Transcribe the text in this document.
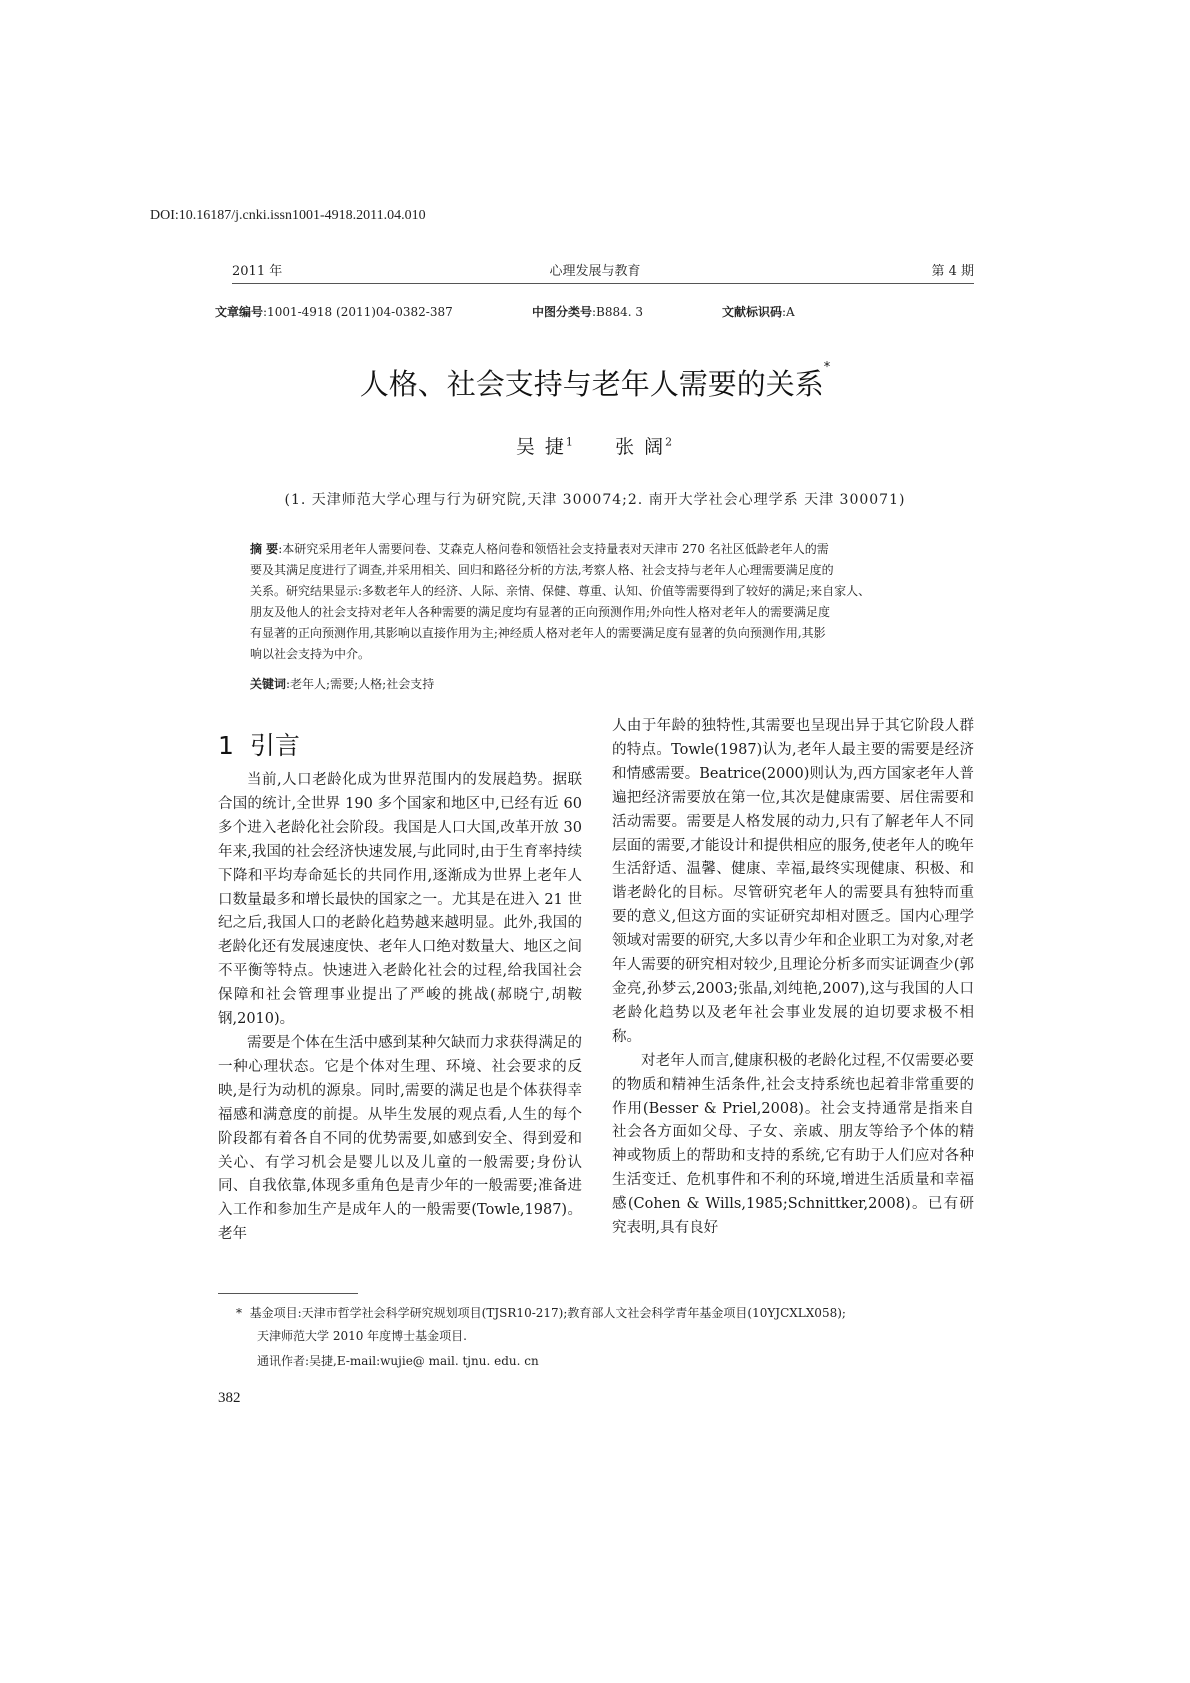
DOI:10.16187/j.cnki.issn1001-4918.2011.04.010
2011 年	心理发展与教育	第 4 期
文章编号:1001-4918 (2011)04-0382-387	中图分类号:B884. 3	文献标识码:A
人格、社会支持与老年人需要的关系*
吴 捷$^1$ 张 阔$^2$
(1. 天津师范大学心理与行为研究院,天津 300074;2. 南开大学社会心理学系 天津 300071)
摘 要:本研究采用老年人需要问卷、艾森克人格问卷和领悟社会支持量表对天津市 270 名社区低龄老年人的需
要及其满足度进行了调查,并采用相关、回归和路径分析的方法,考察人格、社会支持与老年人心理需要满足度的
关系。研究结果显示:多数老年人的经济、人际、亲情、保健、尊重、认知、价值等需要得到了较好的满足;来自家人、
朋友及他人的社会支持对老年人各种需要的满足度均有显著的正向预测作用;外向性人格对老年人的需要满足度
有显著的正向预测作用,其影响以直接作用为主;神经质人格对老年人的需要满足度有显著的负向预测作用,其影
响以社会支持为中介。
关键词:老年人;需要;人格;社会支持
1 引言

当前,人口老龄化成为世界范围内的发展趋势。据联合国的统计,全世界 190 多个国家和地区中,已经有近 60 多个进入老龄化社会阶段。我国是人口大国,改革开放 30 年来,我国的社会经济快速发展,与此同时,由于生育率持续下降和平均寿命延长的共同作用,逐渐成为世界上老年人口数量最多和增长最快的国家之一。尤其是在进入 21 世纪之后,我国人口的老龄化趋势越来越明显。此外,我国的老龄化还有发展速度快、老年人口绝对数量大、地区之间不平衡等特点。快速进入老龄化社会的过程,给我国社会保障和社会管理事业提出了严峻的挑战(郝晓宁,胡鞍钢,2010)。

需要是个体在生活中感到某种欠缺而力求获得满足的一种心理状态。它是个体对生理、环境、社会要求的反映,是行为动机的源泉。同时,需要的满足也是个体获得幸福感和满意度的前提。从毕生发展的观点看,人生的每个阶段都有着各自不同的优势需要,如感到安全、得到爱和关心、有学习机会是婴儿以及儿童的一般需要;身份认同、自我依靠,体现多重角色是青少年的一般需要;准备进入工作和参加生产是成年人的一般需要(Towle,1987)。老年

人由于年龄的独特性,其需要也呈现出异于其它阶段人群的特点。Towle(1987)认为,老年人最主要的需要是经济和情感需要。Beatrice(2000)则认为,西方国家老年人普遍把经济需要放在第一位,其次是健康需要、居住需要和活动需要。需要是人格发展的动力,只有了解老年人不同层面的需要,才能设计和提供相应的服务,使老年人的晚年生活舒适、温馨、健康、幸福,最终实现健康、积极、和谐老龄化的目标。尽管研究老年人的需要具有独特而重要的意义,但这方面的实证研究却相对匮乏。国内心理学领域对需要的研究,大多以青少年和企业职工为对象,对老年人需要的研究相对较少,且理论分析多而实证调查少(郭金亮,孙梦云,2003;张晶,刘纯艳,2007),这与我国的人口老龄化趋势以及老年社会事业发展的迫切要求极不相称。

对老年人而言,健康积极的老龄化过程,不仅需要必要的物质和精神生活条件,社会支持系统也起着非常重要的作用(Besser & Priel,2008)。社会支持通常是指来自社会各方面如父母、子女、亲戚、朋友等给予个体的精神或物质上的帮助和支持的系统,它有助于人们应对各种生活变迁、危机事件和不利的环境,增进生活质量和幸福感(Cohen & Wills,1985;Schnittker,2008)。已有研究表明,具有良好

* 基金项目:天津市哲学社会科学研究规划项目(TJSR10-217);教育部人文社会科学青年基金项目(10YJCXLX058);
天津师范大学 2010 年度博士基金项目.
通讯作者:吴捷,E-mail:wujie@ mail. tjnu. edu. cn
382
